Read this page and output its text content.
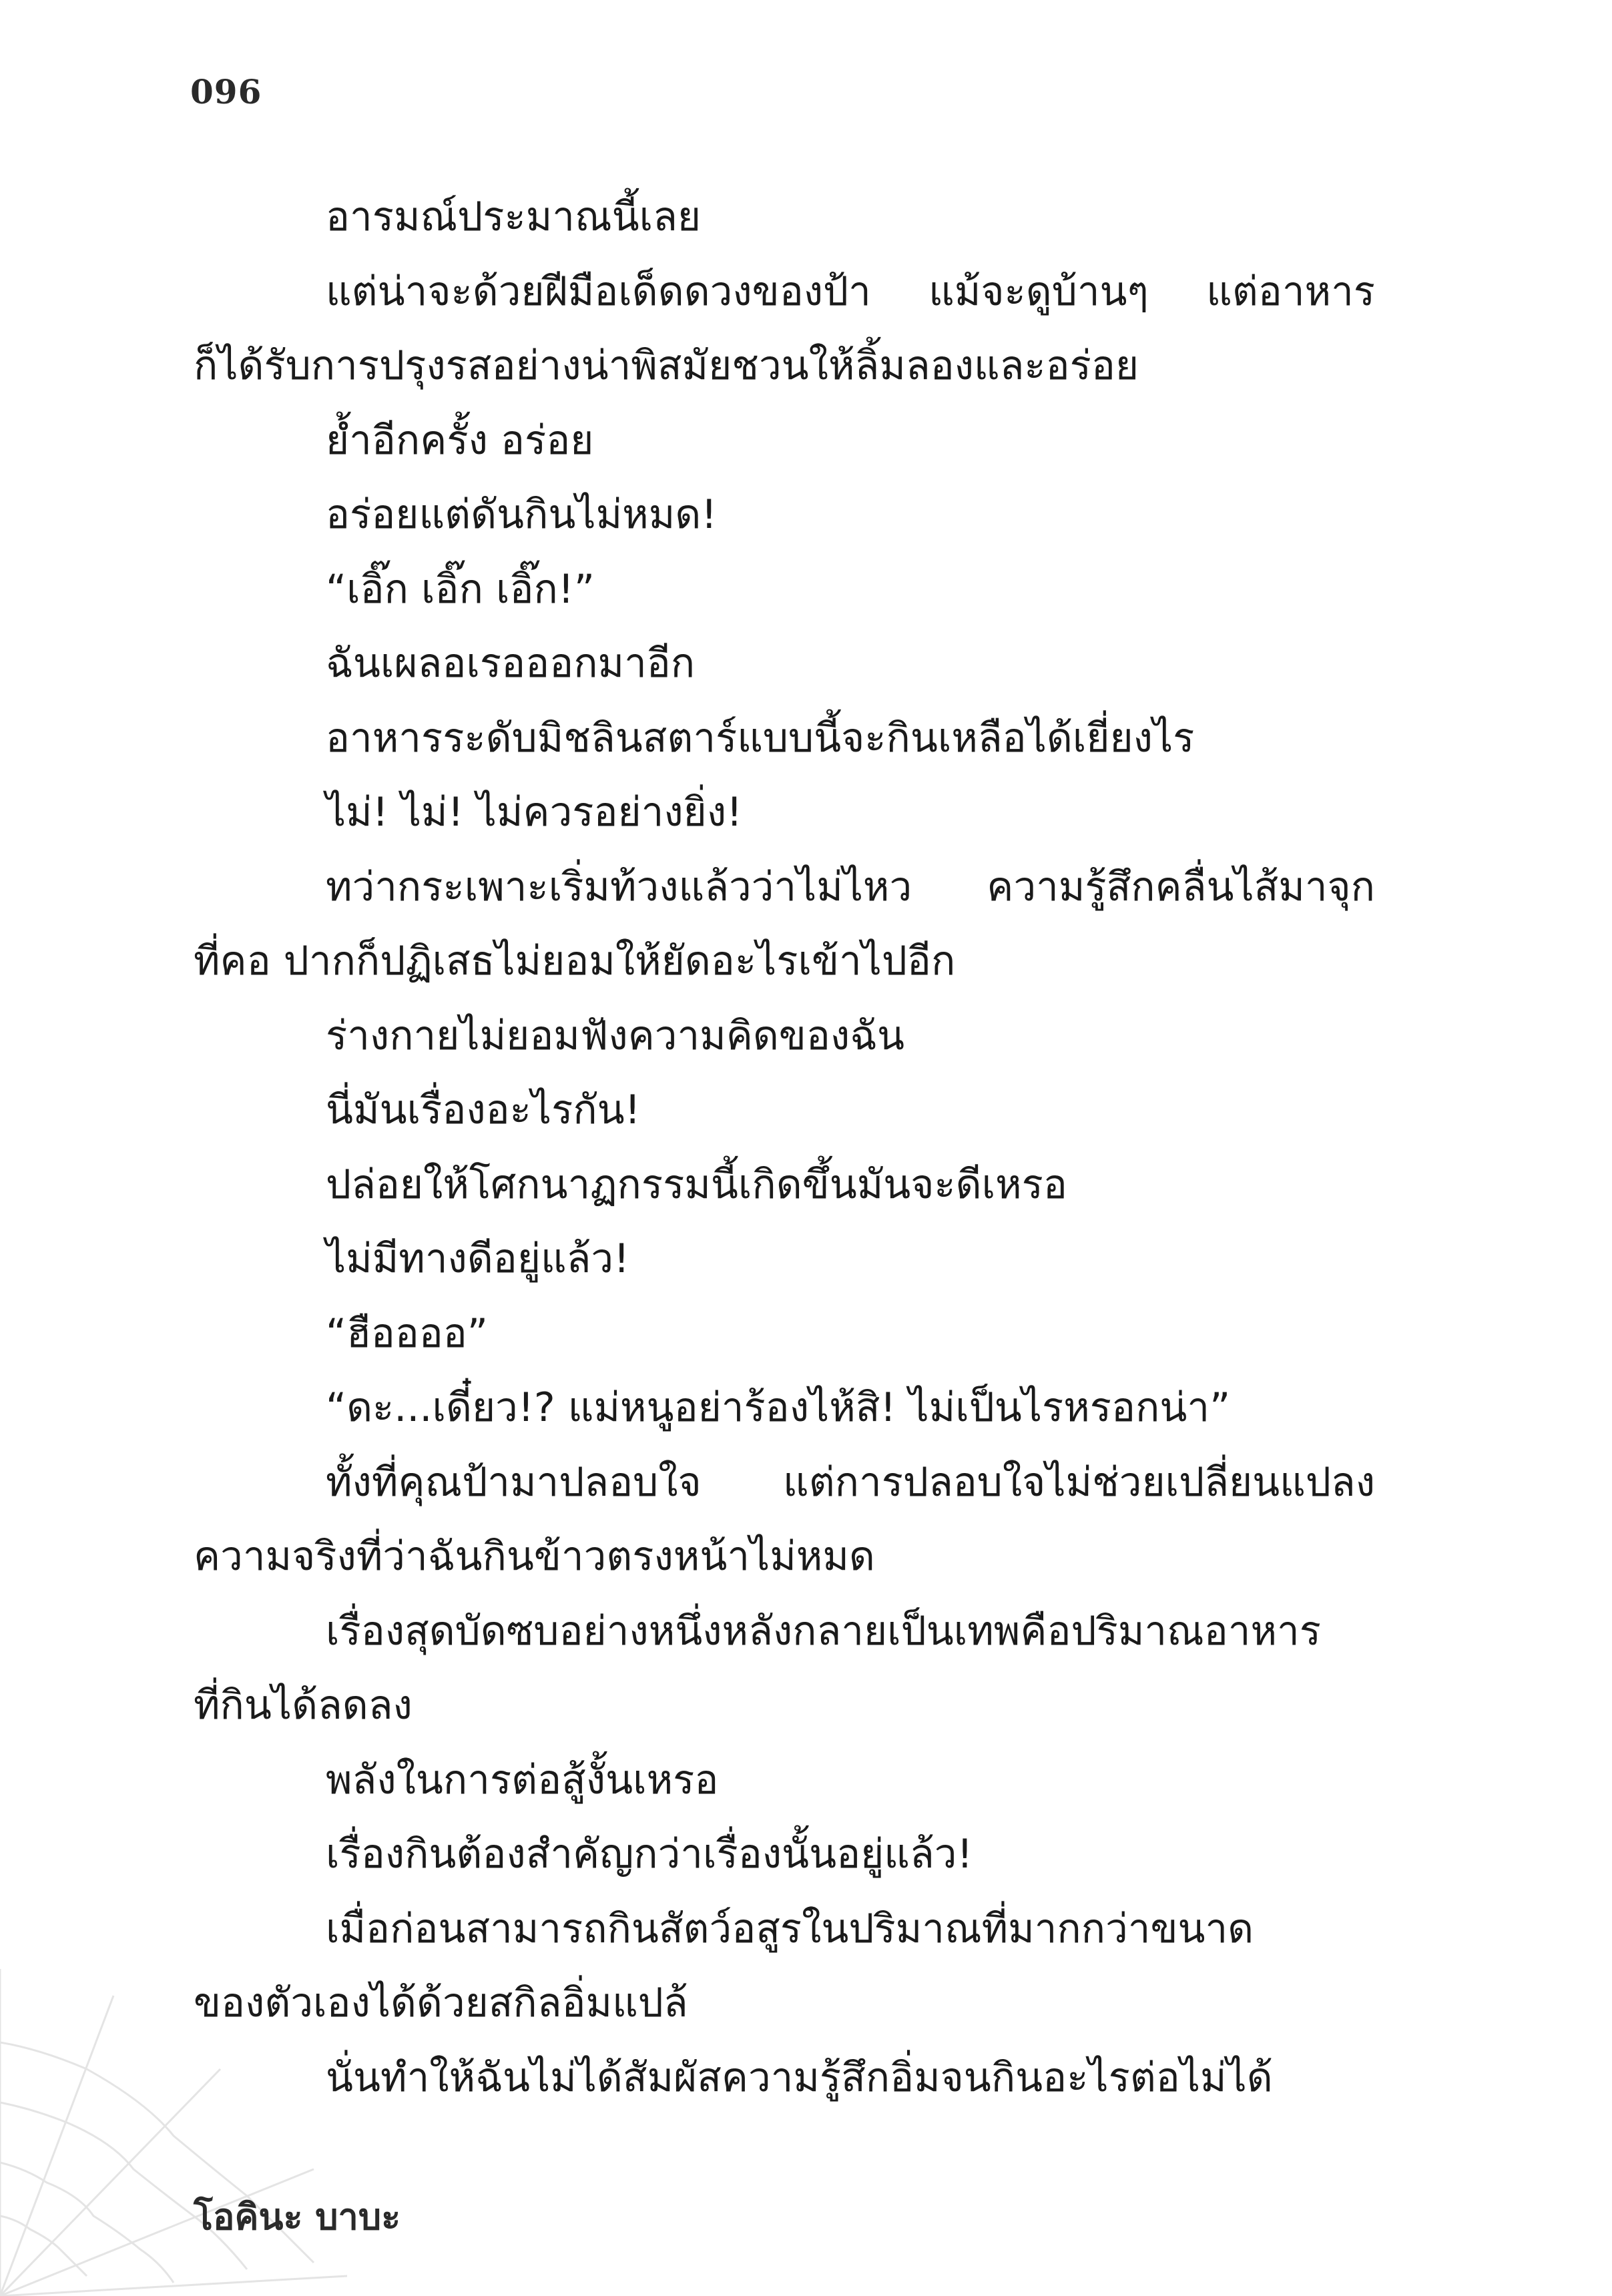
096
อารมณ์ประมาณนี้เลย
แต่น่าจะด้วยฝีมือเด็ดดวงของป้า แม้จะดูบ้านๆ แต่อาหาร
ก็ได้รับการปรุงรสอย่างน่าพิสมัยชวนให้ลิ้มลองและอร่อย
ย้ำอีกครั้ง อร่อย
อร่อยแต่ดันกินไม่หมด!
“เอิ๊ก เอิ๊ก เอิ๊ก!”
ฉันเผลอเรอออกมาอีก
อาหารระดับมิชลินสตาร์แบบนี้จะกินเหลือได้เยี่ยงไร
ไม่! ไม่! ไม่ควรอย่างยิ่ง!
ทว่ากระเพาะเริ่มท้วงแล้วว่าไม่ไหว ความรู้สึกคลื่นไส้มาจุก
ที่คอ ปากก็ปฏิเสธไม่ยอมให้ยัดอะไรเข้าไปอีก
ร่างกายไม่ยอมฟังความคิดของฉัน
นี่มันเรื่องอะไรกัน!
ปล่อยให้โศกนาฏกรรมนี้เกิดขึ้นมันจะดีเหรอ
ไม่มีทางดีอยู่แล้ว!
“ฮืออออ”
“ดะ...เดี๋ยว!? แม่หนูอย่าร้องไห้สิ! ไม่เป็นไรหรอกน่า”
ทั้งที่คุณป้ามาปลอบใจ แต่การปลอบใจไม่ช่วยเปลี่ยนแปลง
ความจริงที่ว่าฉันกินข้าวตรงหน้าไม่หมด
เรื่องสุดบัดซบอย่างหนึ่งหลังกลายเป็นเทพคือปริมาณอาหาร
ที่กินได้ลดลง
พลังในการต่อสู้งั้นเหรอ
เรื่องกินต้องสำคัญกว่าเรื่องนั้นอยู่แล้ว!
เมื่อก่อนสามารถกินสัตว์อสูรในปริมาณที่มากกว่าขนาด
ของตัวเองได้ด้วยสกิลอิ่มแปล้
นั่นทำให้ฉันไม่ได้สัมผัสความรู้สึกอิ่มจนกินอะไรต่อไม่ได้
โอคินะ บาบะ
